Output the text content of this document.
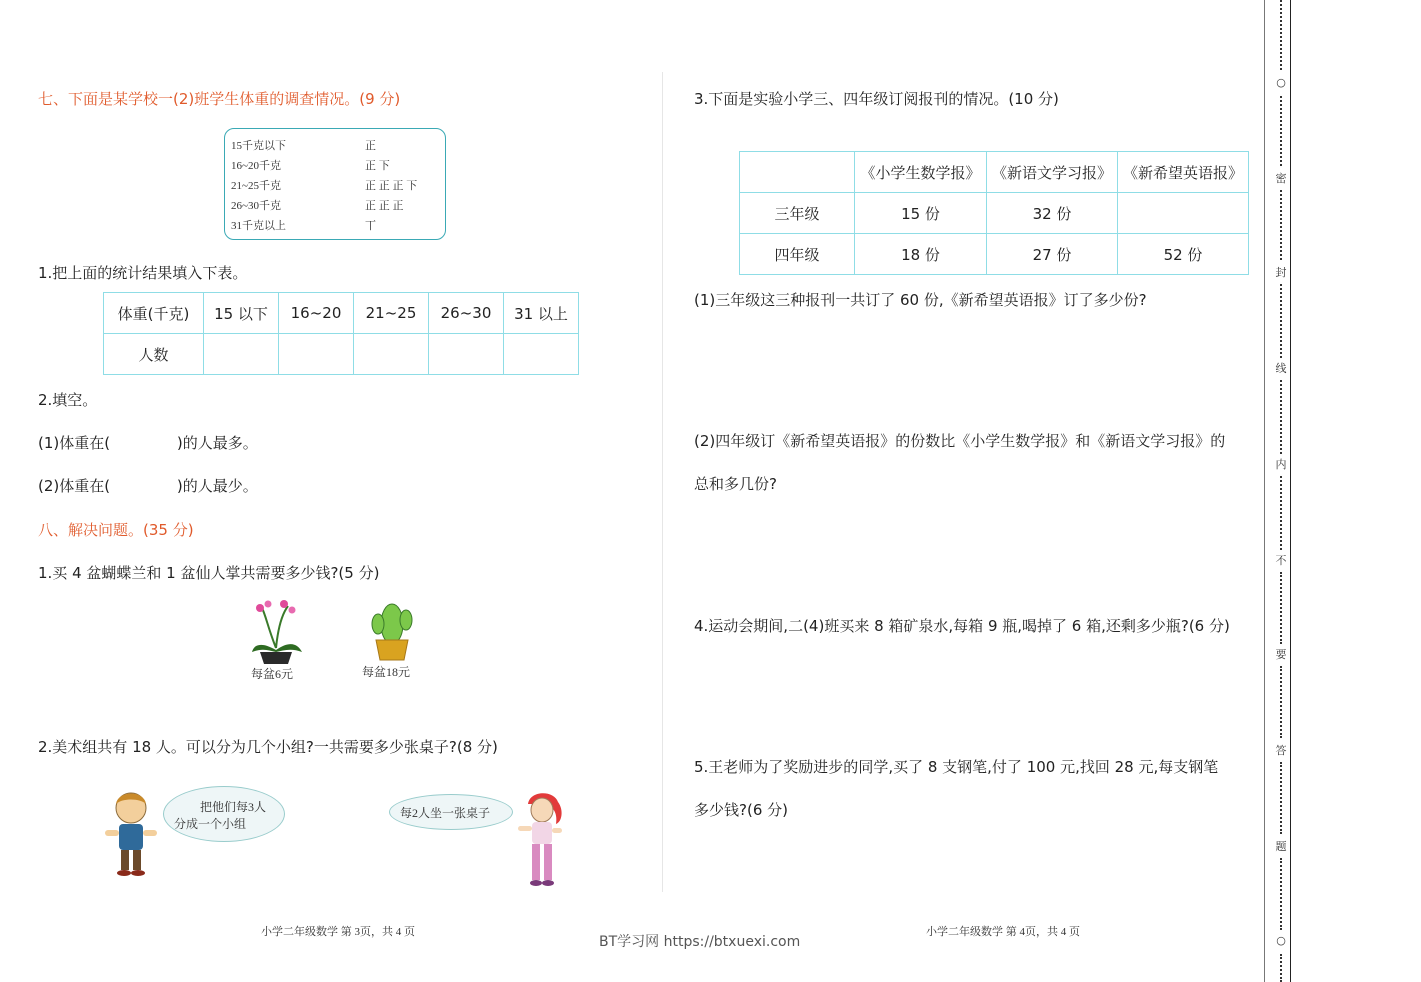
七、下面是某学校一(2)班学生体重的调查情况。(9 分)
15千克以下	正
16~20千克	正 下
21~25千克	正 正 正 下
26~30千克	正 正 正
31千克以上	丅
1.把上面的统计结果填入下表。
体重(千克)	15 以下	16~20	21~25	26~30	31 以上
人数					
2.填空。
(1)体重在(              )的人最多。
(2)体重在(              )的人最少。
八、解决问题。(35 分)
1.买 4 盆蝴蝶兰和 1 盆仙人掌共需要多少钱?(5 分)
每盆6元	每盆18元
2.美术组共有 18 人。可以分为几个小组?一共需要多少张桌子?(8 分)
把他们每3人
分成一个小组
每2人坐一张桌子
小学二年级数学 第 3页，共 4 页
3.下面是实验小学三、四年级订阅报刊的情况。(10 分)
	《小学生数学报》	《新语文学习报》	《新希望英语报》
三年级	15 份	32 份	
四年级	18 份	27 份	52 份
(1)三年级这三种报刊一共订了 60 份,《新希望英语报》订了多少份?
(2)四年级订《新希望英语报》的份数比《小学生数学报》和《新语文学习报》的
总和多几份?
4.运动会期间,二(4)班买来 8 箱矿泉水,每箱 9 瓶,喝掉了 6 箱,还剩多少瓶?(6 分)
5.王老师为了奖励进步的同学,买了 8 支钢笔,付了 100 元,找回 28 元,每支钢笔
多少钱?(6 分)
小学二年级数学 第 4页，共 4 页
BT学习网 https://btxuexi.com
○
密
封
线
内
不
要
答
题
○
